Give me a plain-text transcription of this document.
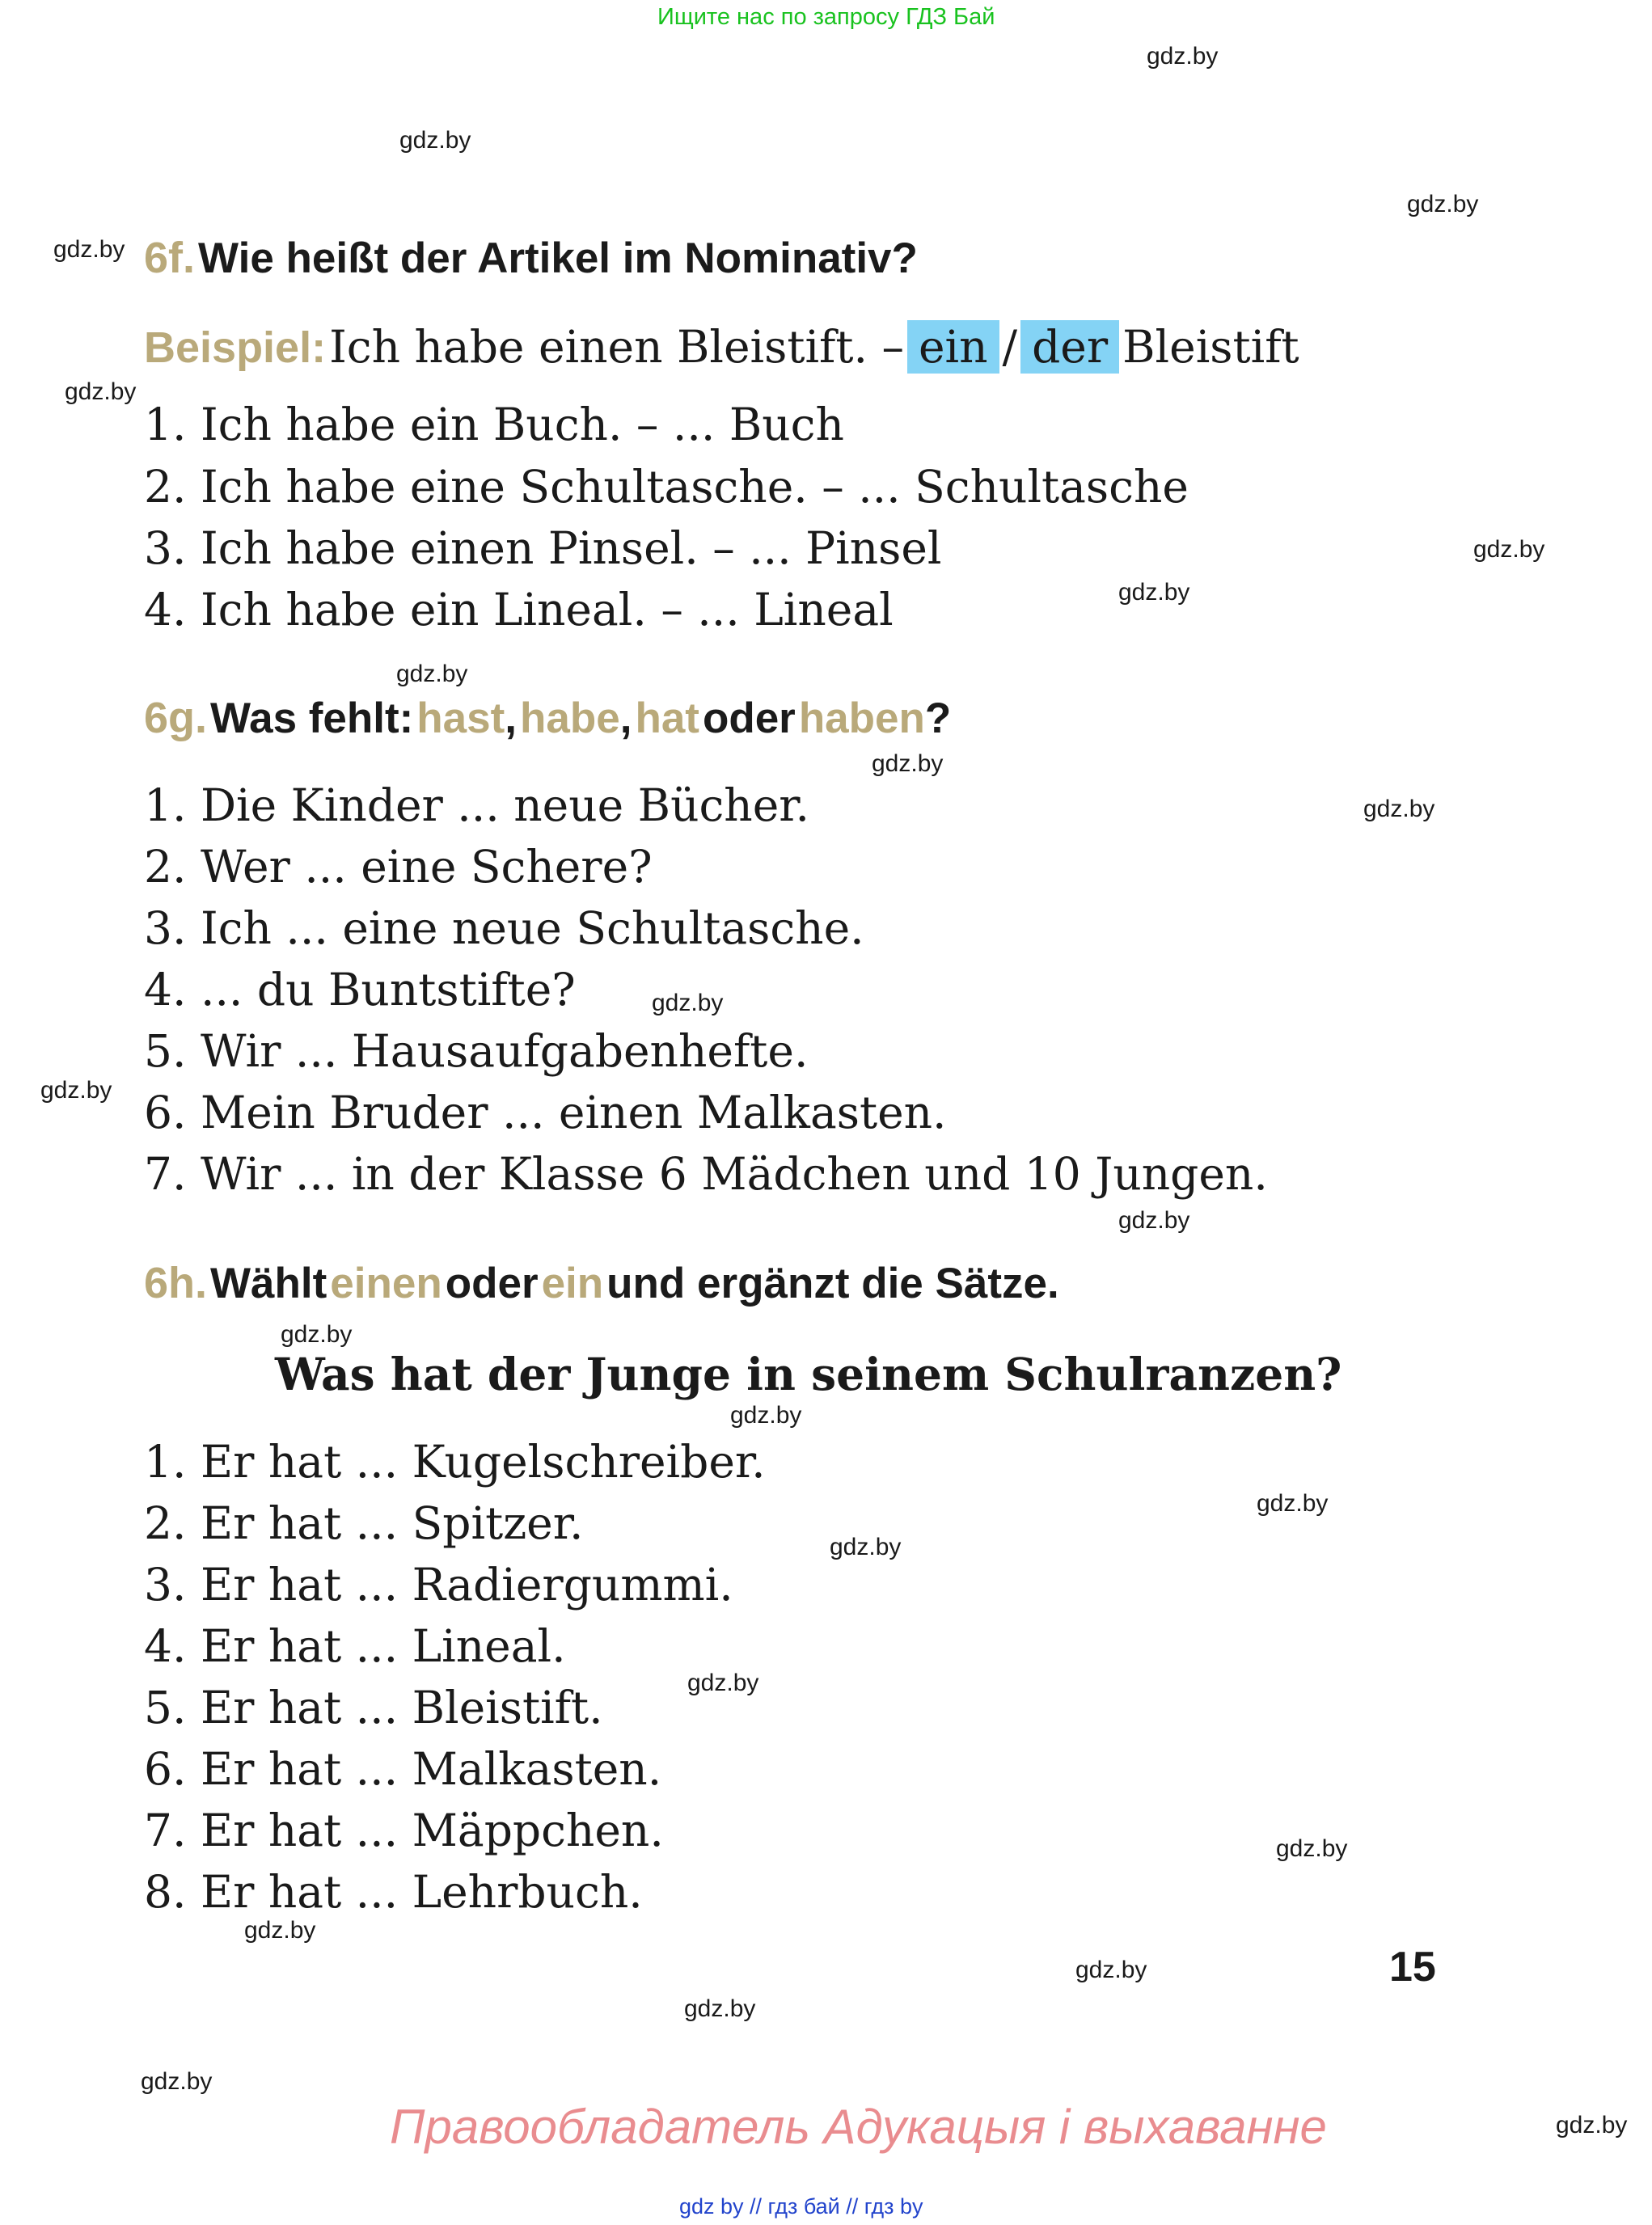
Ищите нас по запросу ГДЗ Бай
gdz.by
gdz.by
gdz.by
gdz.by
gdz.by
gdz.by
gdz.by
gdz.by
gdz.by
gdz.by
gdz.by
gdz.by
gdz.by
gdz.by
gdz.by
gdz.by
gdz.by
gdz.by
gdz.by
gdz.by
gdz.by
gdz.by
gdz.by
gdz.by
6f. Wie heißt der Artikel im Nominativ?
Beispiel: Ich habe einen Bleistift. – ein / der Bleistift
1. Ich habe ein Buch. – ... Buch
2. Ich habe eine Schultasche. – ... Schultasche
3. Ich habe einen Pinsel. – ... Pinsel
4. Ich habe ein Lineal. – ... Lineal
6g. Was fehlt: hast, habe, hat oder haben?
1. Die Kinder ... neue Bücher.
2. Wer ... eine Schere?
3. Ich ... eine neue Schultasche.
4. ... du Buntstifte?
5. Wir ... Hausaufgabenhefte.
6. Mein Bruder ... einen Malkasten.
7. Wir ... in der Klasse 6 Mädchen und 10 Jungen.
6h. Wählt einen oder ein und ergänzt die Sätze.
Was hat der Junge in seinem Schulranzen?
1. Er hat ... Kugelschreiber.
2. Er hat ... Spitzer.
3. Er hat ... Radiergummi.
4. Er hat ... Lineal.
5. Er hat ... Bleistift.
6. Er hat ... Malkasten.
7. Er hat ... Mäppchen.
8. Er hat ... Lehrbuch.
15
Правообладатель Адукацыя і выхаванне
gdz by // гдз бай // гдз by
